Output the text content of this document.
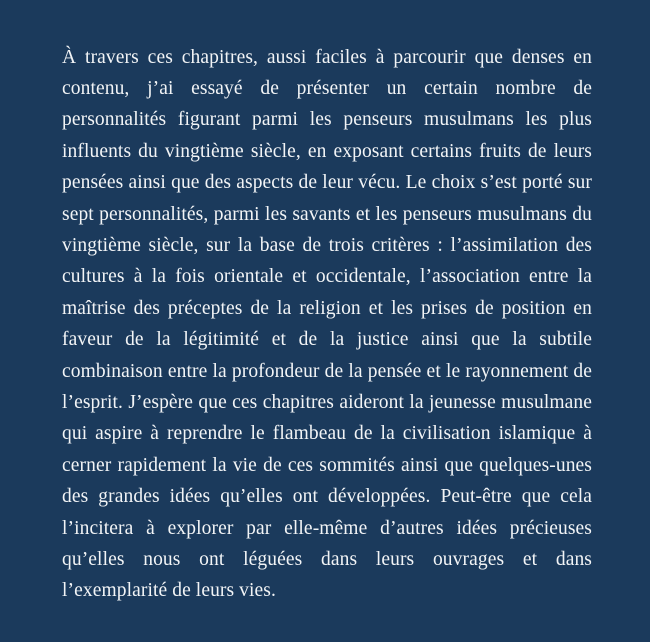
À travers ces chapitres, aussi faciles à parcourir que denses en contenu, j’ai essayé de présenter un certain nombre de personnalités figurant parmi les penseurs musulmans les plus influents du vingtième siècle, en exposant certains fruits de leurs pensées ainsi que des aspects de leur vécu. Le choix s’est porté sur sept personnalités, parmi les savants et les penseurs musulmans du vingtième siècle, sur la base de trois critères : l’assimilation des cultures à la fois orientale et occidentale, l’association entre la maîtrise des préceptes de la religion et les prises de position en faveur de la légitimité et de la justice ainsi que la subtile combinaison entre la profondeur de la pensée et le rayonnement de l’esprit. J’espère que ces chapitres aideront la jeunesse musulmane qui aspire à reprendre le flambeau de la civilisation islamique à cerner rapidement la vie de ces sommités ainsi que quelques-unes des grandes idées qu’elles ont développées. Peut-être que cela l’incitera à explorer par elle-même d’autres idées précieuses qu’elles nous ont léguées dans leurs ouvrages et dans l’exemplarité de leurs vies.
